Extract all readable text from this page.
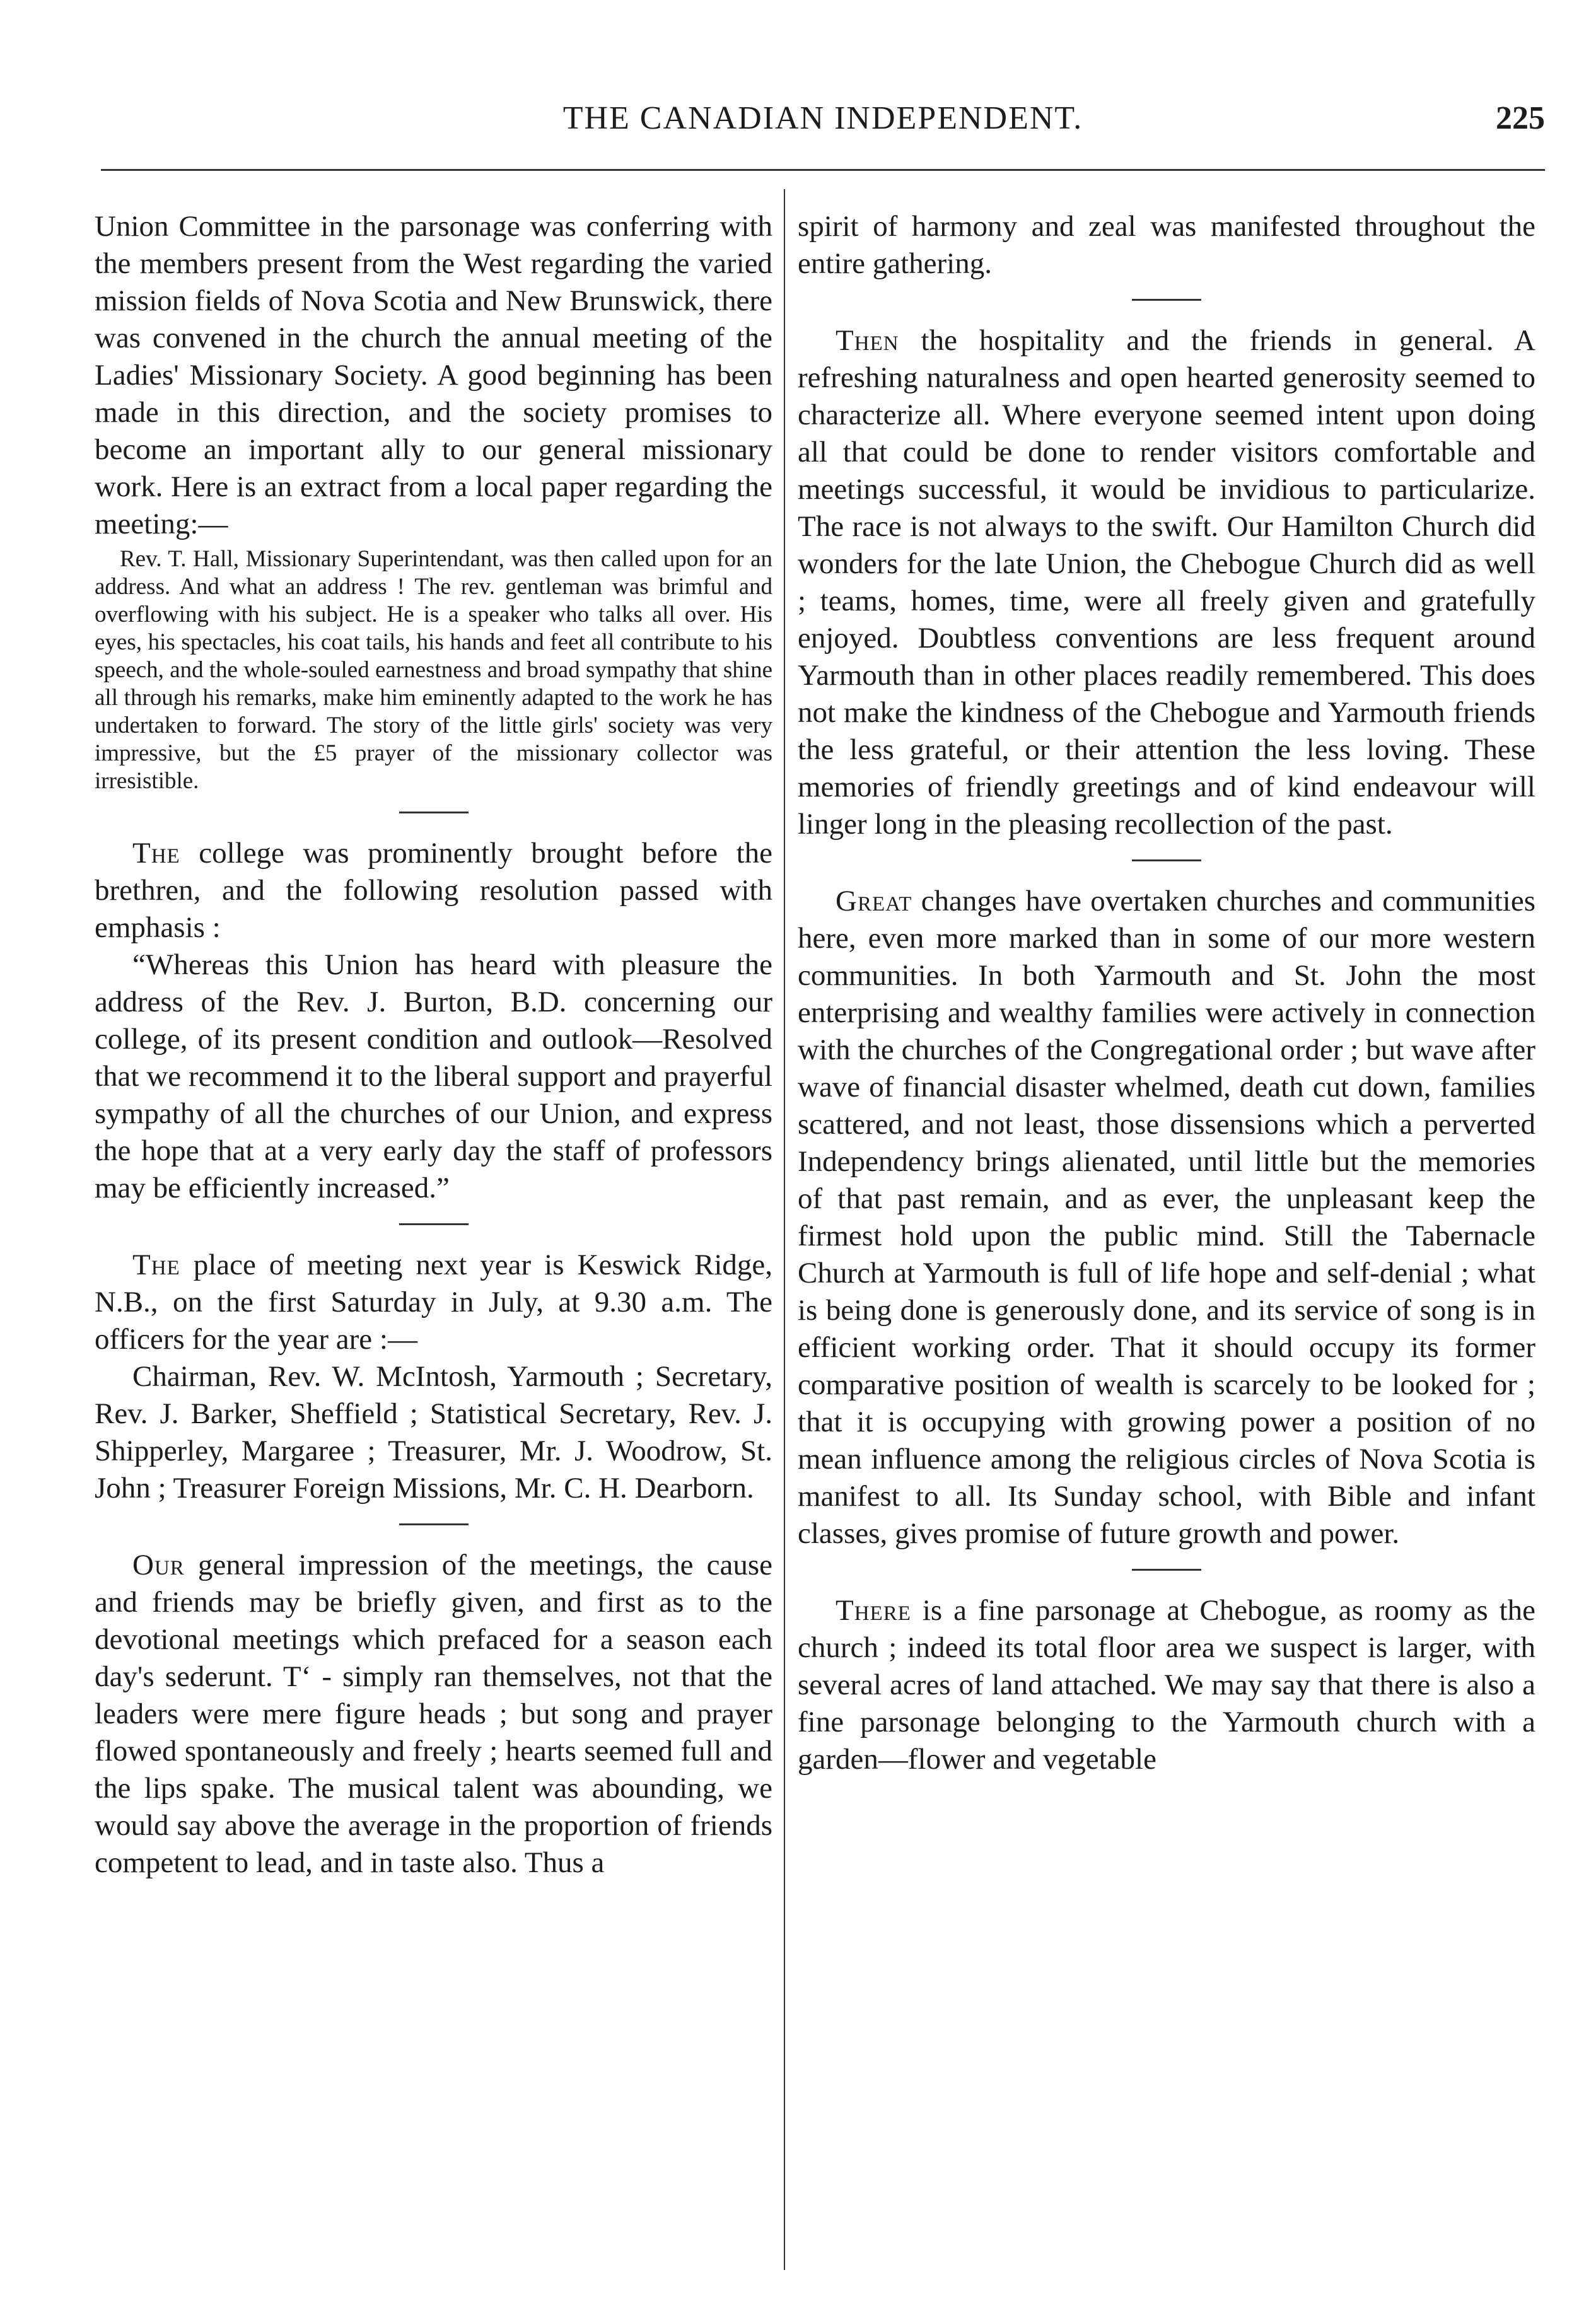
THE CANADIAN INDEPENDENT.	225

Union Committee in the parsonage was conferring with the members present from the West regarding the varied mission fields of Nova Scotia and New Brunswick, there was convened in the church the annual meeting of the Ladies' Missionary Society. A good beginning has been made in this direction, and the society promises to become an important ally to our general missionary work. Here is an extract from a local paper regarding the meeting:—

Rev. T. Hall, Missionary Superintendant, was then called upon for an address. And what an address ! The rev. gentleman was brimful and overflowing with his subject. He is a speaker who talks all over. His eyes, his spectacles, his coat tails, his hands and feet all contribute to his speech, and the whole-souled earnestness and broad sympathy that shine all through his remarks, make him eminently adapted to the work he has undertaken to forward. The story of the little girls' society was very impressive, but the £5 prayer of the missionary collector was irresistible.

The college was prominently brought before the brethren, and the following resolution passed with emphasis :

“Whereas this Union has heard with pleasure the address of the Rev. J. Burton, B.D. concerning our college, of its present condition and outlook—Resolved that we recommend it to the liberal support and prayerful sympathy of all the churches of our Union, and express the hope that at a very early day the staff of professors may be efficiently increased.”

The place of meeting next year is Keswick Ridge, N.B., on the first Saturday in July, at 9.30 a.m. The officers for the year are :—

Chairman, Rev. W. McIntosh, Yarmouth ; Secretary, Rev. J. Barker, Sheffield ; Statistical Secretary, Rev. J. Shipperley, Margaree ; Treasurer, Mr. J. Woodrow, St. John ; Treasurer Foreign Missions, Mr. C. H. Dearborn.

Our general impression of the meetings, the cause and friends may be briefly given, and first as to the devotional meetings which prefaced for a season each day's sederunt. T‘ - simply ran themselves, not that the leaders were mere figure heads ; but song and prayer flowed spontaneously and freely ; hearts seemed full and the lips spake. The musical talent was abounding, we would say above the average in the proportion of friends competent to lead, and in taste also. Thus a

spirit of harmony and zeal was manifested throughout the entire gathering.

Then the hospitality and the friends in general. A refreshing naturalness and open hearted generosity seemed to characterize all. Where everyone seemed intent upon doing all that could be done to render visitors comfortable and meetings successful, it would be invidious to particularize. The race is not always to the swift. Our Hamilton Church did wonders for the late Union, the Chebogue Church did as well ; teams, homes, time, were all freely given and gratefully enjoyed. Doubtless conventions are less frequent around Yarmouth than in other places readily remembered. This does not make the kindness of the Chebogue and Yarmouth friends the less grateful, or their attention the less loving. These memories of friendly greetings and of kind endeavour will linger long in the pleasing recollection of the past.

Great changes have overtaken churches and communities here, even more marked than in some of our more western communities. In both Yarmouth and St. John the most enterprising and wealthy families were actively in connection with the churches of the Congregational order ; but wave after wave of financial disaster whelmed, death cut down, families scattered, and not least, those dissensions which a perverted Independency brings alienated, until little but the memories of that past remain, and as ever, the unpleasant keep the firmest hold upon the public mind. Still the Tabernacle Church at Yarmouth is full of life hope and self-denial ; what is being done is generously done, and its service of song is in efficient working order. That it should occupy its former comparative position of wealth is scarcely to be looked for ; that it is occupying with growing power a position of no mean influence among the religious circles of Nova Scotia is manifest to all. Its Sunday school, with Bible and infant classes, gives promise of future growth and power.

There is a fine parsonage at Chebogue, as roomy as the church ; indeed its total floor area we suspect is larger, with several acres of land attached. We may say that there is also a fine parsonage belonging to the Yarmouth church with a garden—flower and vegetable
